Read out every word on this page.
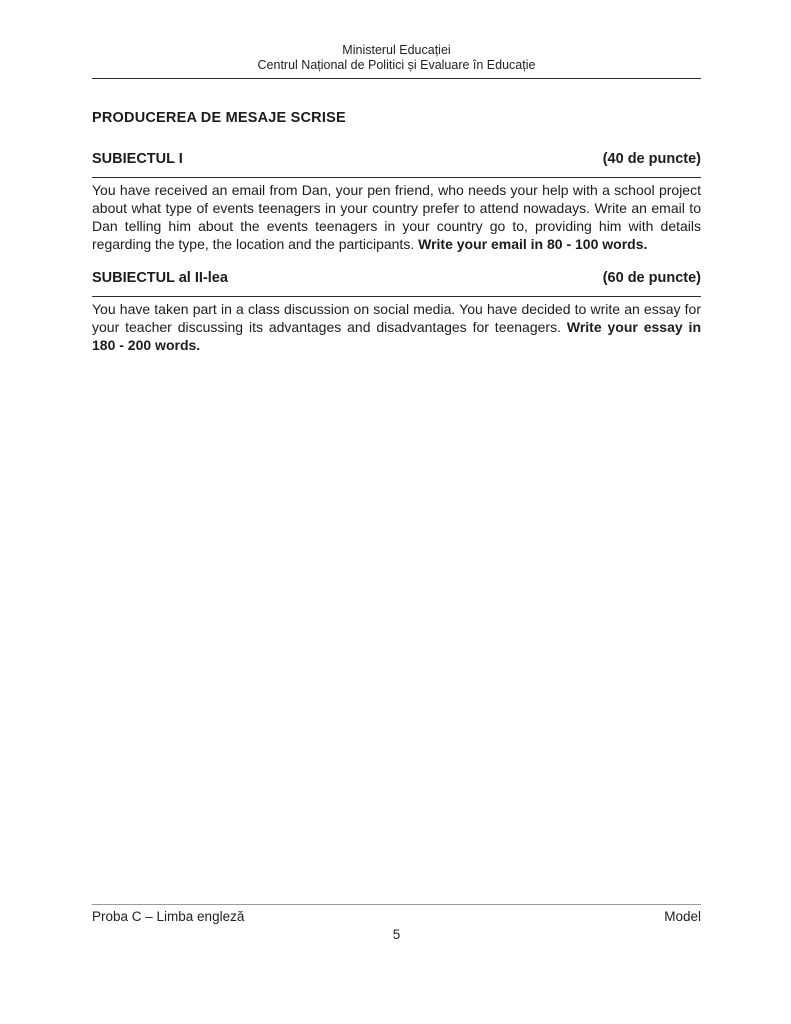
Ministerul Educației
Centrul Național de Politici și Evaluare în Educație
PRODUCEREA DE MESAJE SCRISE
SUBIECTUL I	(40 de puncte)
You have received an email from Dan, your pen friend, who needs your help with a school project about what type of events teenagers in your country prefer to attend nowadays. Write an email to Dan telling him about the events teenagers in your country go to, providing him with details regarding the type, the location and the participants. Write your email in 80 - 100 words.
SUBIECTUL al II-lea	(60 de puncte)
You have taken part in a class discussion on social media. You have decided to write an essay for your teacher discussing its advantages and disadvantages for teenagers. Write your essay in 180 - 200 words.
Proba C – Limba engleză	Model
5
